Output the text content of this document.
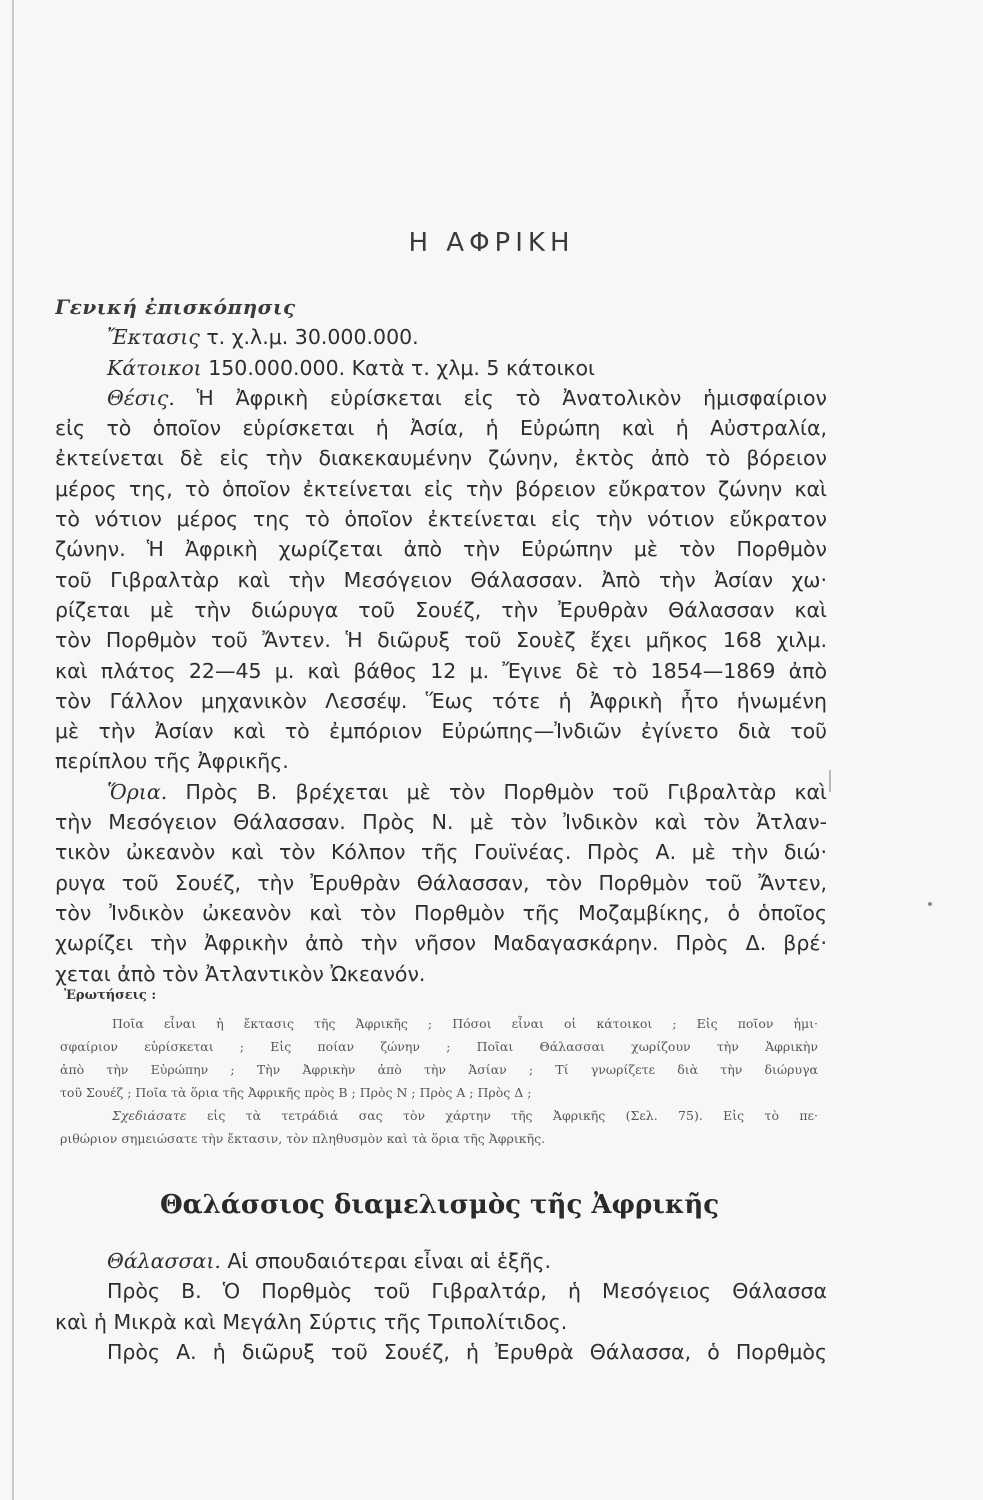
Η ΑΦΡΙΚΗ
Γενική ἐπισκόπησις
Ἔκτασις τ. χ.λ.μ. 30.000.000.
Κάτοικοι 150.000.000. Κατὰ τ. χλμ. 5 κάτοικοι
Θέσις. Ἡ Ἀφρικὴ εὑρίσκεται εἰς τὸ Ἀνατολικὸν ἡμισφαίριον
εἰς τὸ ὁποῖον εὑρίσκεται ἡ Ἀσία, ἡ Εὐρώπη καὶ ἡ Αὐστραλία,
ἐκτείνεται δὲ εἰς τὴν διακεκαυμένην ζώνην, ἐκτὸς ἀπὸ τὸ βόρειον
μέρος της, τὸ ὁποῖον ἐκτείνεται εἰς τὴν βόρειον εὔκρατον ζώνην καὶ
τὸ νότιον μέρος της τὸ ὁποῖον ἐκτείνεται εἰς τὴν νότιον εὔκρατον
ζώνην. Ἡ Ἀφρικὴ χωρίζεται ἀπὸ τὴν Εὐρώπην μὲ τὸν Πορθμὸν
τοῦ Γιβραλτὰρ καὶ τὴν Μεσόγειον Θάλασσαν. Ἀπὸ τὴν Ἀσίαν χω·
ρίζεται μὲ τὴν διώρυγα τοῦ Σουέζ, τὴν Ἐρυθρὰν Θάλασσαν καὶ
τὸν Πορθμὸν τοῦ Ἄντεν. Ἡ διῶρυξ τοῦ Σουὲζ ἔχει μῆκος 168 χιλμ.
καὶ πλάτος 22—45 μ. καὶ βάθος 12 μ. Ἔγινε δὲ τὸ 1854—1869 ἀπὸ
τὸν Γάλλον μηχανικὸν Λεσσέψ. Ἕως τότε ἡ Ἀφρικὴ ἦτο ἡνωμένη
μὲ τὴν Ἀσίαν καὶ τὸ ἐμπόριον Εὐρώπης—Ἰνδιῶν ἐγίνετο διὰ τοῦ
περίπλου τῆς Ἀφρικῆς.
Ὅρια. Πρὸς Β. βρέχεται μὲ τὸν Πορθμὸν τοῦ Γιβραλτὰρ καὶ
τὴν Μεσόγειον Θάλασσαν. Πρὸς Ν. μὲ τὸν Ἰνδικὸν καὶ τὸν Ἀτλαν-
τικὸν ὠκεανὸν καὶ τὸν Κόλπον τῆς Γουϊνέας. Πρὸς Α. μὲ τὴν διώ·
ρυγα τοῦ Σουέζ, τὴν Ἐρυθρὰν Θάλασσαν, τὸν Πορθμὸν τοῦ Ἄντεν,
τὸν Ἰνδικὸν ὠκεανὸν καὶ τὸν Πορθμὸν τῆς Μοζαμβίκης, ὁ ὁποῖος
χωρίζει τὴν Ἀφρικὴν ἀπὸ τὴν νῆσον Μαδαγασκάρην. Πρὸς Δ. βρέ·
χεται ἀπὸ τὸν Ἀτλαντικὸν Ὠκεανόν.
Ἐρωτήσεις :
Ποῖα εἶναι ἡ ἔκτασις τῆς Ἀφρικῆς ; Πόσοι εἶναι οἱ κάτοικοι ; Εἰς ποῖον ἡμι·
σφαίριον εὑρίσκεται ; Εἰς ποίαν ζώνην ; Ποῖαι Θάλασσαι χωρίζουν τὴν Ἀφρικὴν
ἀπὸ τὴν Εὐρώπην ; Τὴν Ἀφρικὴν ἀπὸ τὴν Ἀσίαν ; Τί γνωρίζετε διὰ τὴν διώρυγα
τοῦ Σουέζ ; Ποῖα τὰ ὅρια τῆς Ἀφρικῆς πρὸς Β ; Πρὸς Ν ; Πρὸς Α ; Πρὸς Δ ;
Σχεδιάσατε εἰς τὰ τετράδιά σας τὸν χάρτην τῆς Ἀφρικῆς (Σελ. 75). Εἰς τὸ πε·
ριθώριον σημειώσατε τὴν ἔκτασιν, τὸν πληθυσμὸν καὶ τὰ ὅρια τῆς Ἀφρικῆς.
Θαλάσσιος διαμελισμὸς τῆς Ἀφρικῆς
Θάλασσαι. Αἱ σπουδαιότεραι εἶναι αἱ ἑξῆς.
Πρὸς Β. Ὁ Πορθμὸς τοῦ Γιβραλτάρ, ἡ Μεσόγειος Θάλασσα
καὶ ἡ Μικρὰ καὶ Μεγάλη Σύρτις τῆς Τριπολίτιδος.
Πρὸς Α. ἡ διῶρυξ τοῦ Σουέζ, ἡ Ἐρυθρὰ Θάλασσα, ὁ Πορθμὸς
